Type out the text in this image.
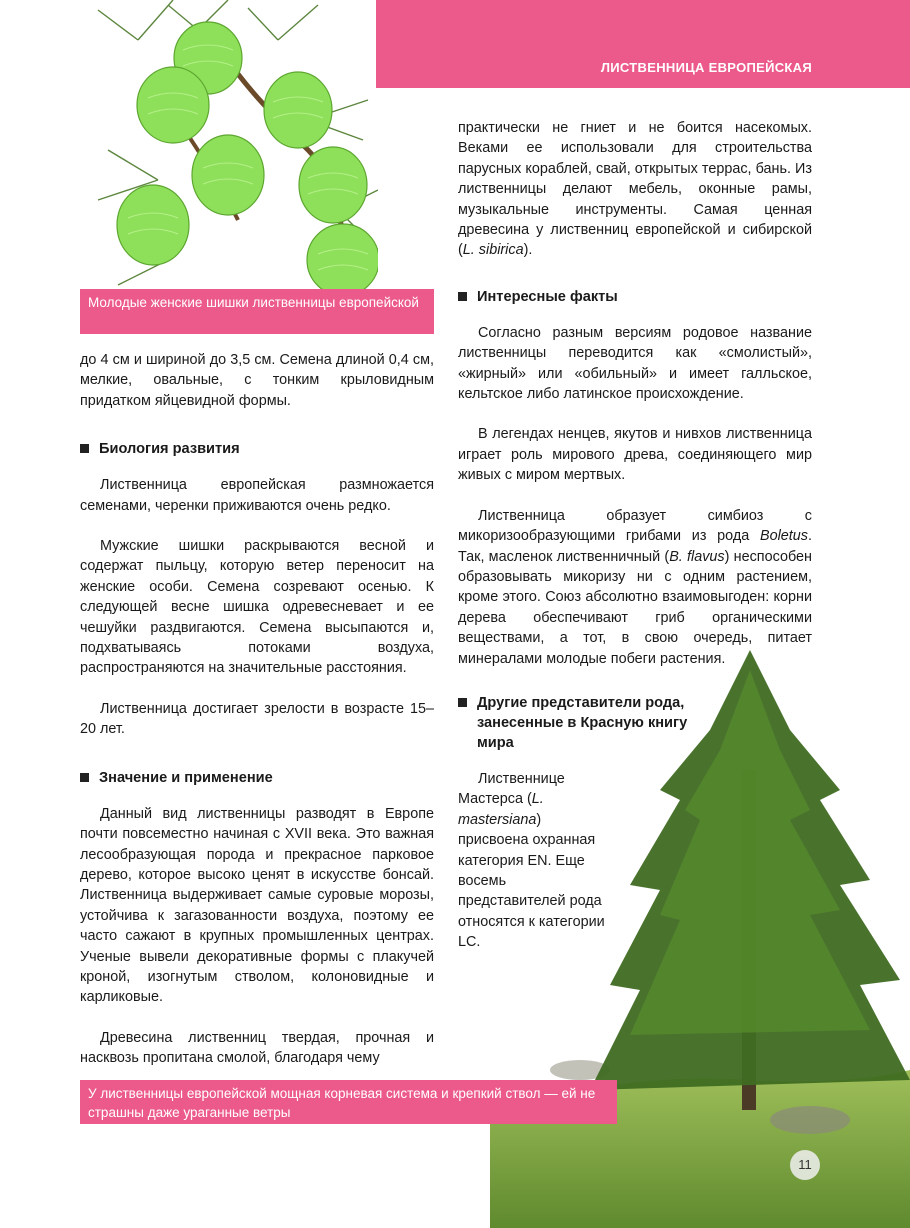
ЛИСТВЕННИЦА ЕВРОПЕЙСКАЯ
Молодые женские шишки лиственницы европейской

до 4 см и шириной до 3,5 см. Семена длиной 0,4 см, мелкие, овальные, с тонким крыловидным придатком яйцевидной формы.

Биология развития

Лиственница европейская размножается семенами, черенки приживаются очень редко.

Мужские шишки раскрываются весной и содержат пыльцу, которую ветер переносит на женские особи. Семена созревают осенью. К следующей весне шишка одревесневает и ее чешуйки раздвигаются. Семена высыпаются и, подхватываясь потоками воздуха, распространяются на значительные расстояния.

Лиственница достигает зрелости в возрасте 15–20 лет.

Значение и применение

Данный вид лиственницы разводят в Европе почти повсеместно начиная с XVII века. Это важная лесообразующая порода и прекрасное парковое дерево, которое высоко ценят в искусстве бонсай. Лиственница выдерживает самые суровые морозы, устойчива к загазованности воздуха, поэтому ее часто сажают в крупных промышленных центрах. Ученые вывели декоративные формы с плакучей кроной, изогнутым стволом, колоновидные и карликовые.

Древесина лиственниц твердая, прочная и насквозь пропитана смолой, благодаря чему

практически не гниет и не боится насекомых. Веками ее использовали для строительства парусных кораблей, свай, открытых террас, бань. Из лиственницы делают мебель, оконные рамы, музыкальные инструменты. Самая ценная древесина у лиственниц европейской и сибирской (L. sibirica).

Интересные факты

Согласно разным версиям родовое название лиственницы переводится как «смолистый», «жирный» или «обильный» и имеет галльское, кельтское либо латинское происхождение.

В легендах ненцев, якутов и нивхов лиственница играет роль мирового древа, соединяющего мир живых с миром мертвых.

Лиственница образует симбиоз с микоризообразующими грибами из рода Boletus. Так, масленок лиственничный (B. flavus) неспособен образовывать микоризу ни с одним растением, кроме этого. Союз абсолютно взаимовыгоден: корни дерева обеспечивают гриб органическими веществами, а тот, в свою очередь, питает минералами молодые побеги растения.

Другие представители рода, занесенные в Красную книгу мира

Лиственнице Мастерса (L. mastersiana) присвоена охранная категория EN. Еще восемь представителей рода относятся к категории LC.

У лиственницы европейской мощная корневая система и крепкий ствол — ей не страшны даже ураганные ветры
11
